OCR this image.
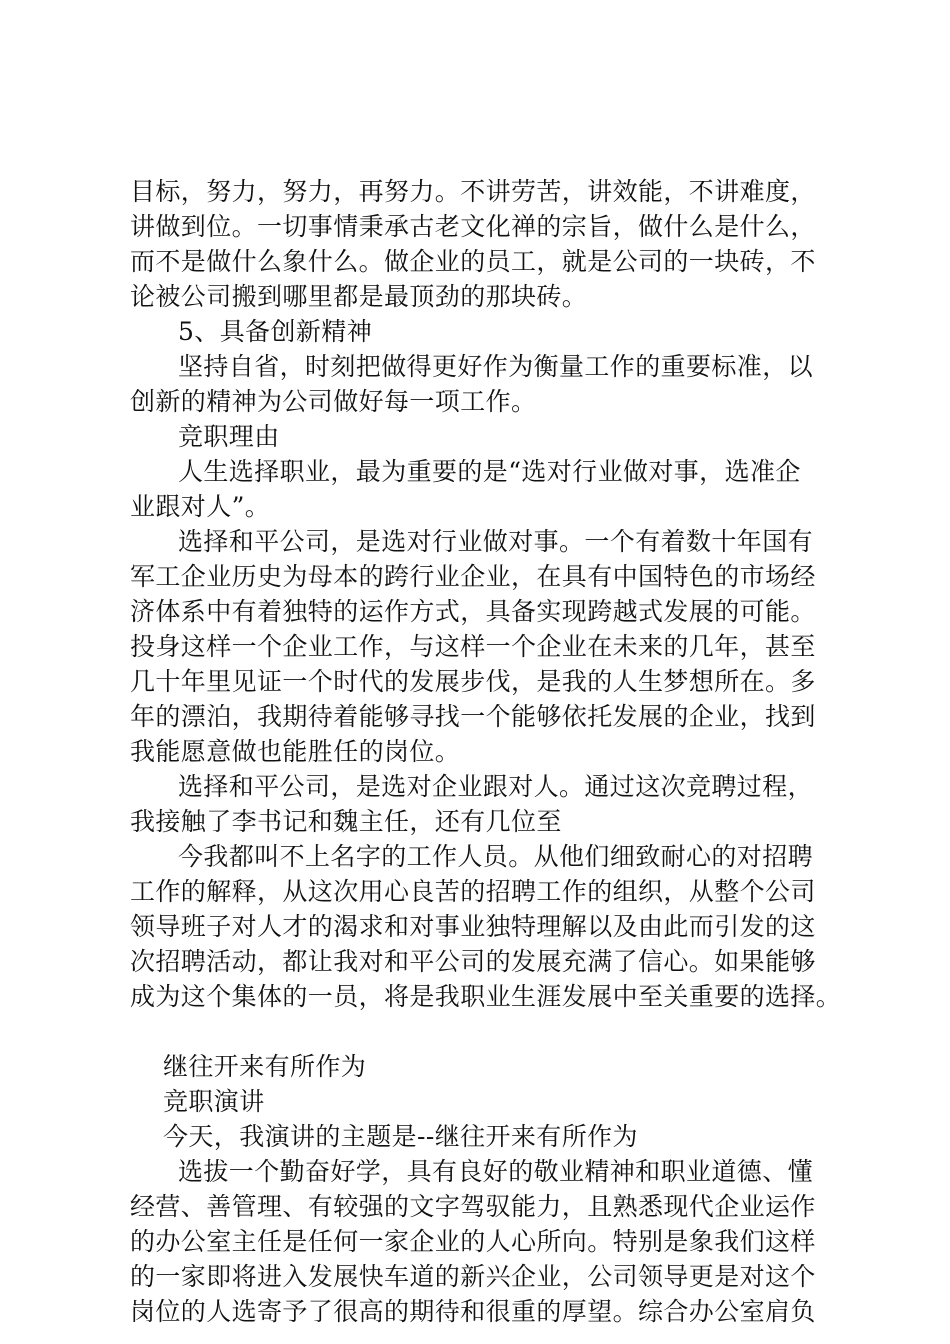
目标，努力，努力，再努力。不讲劳苦，讲效能，不讲难度，
讲做到位。一切事情秉承古老文化禅的宗旨，做什么是什么，
而不是做什么象什么。做企业的员工，就是公司的一块砖，不
论被公司搬到哪里都是最顶劲的那块砖。
5、具备创新精神
坚持自省，时刻把做得更好作为衡量工作的重要标准，以
创新的精神为公司做好每一项工作。
竞职理由
人生选择职业，最为重要的是“选对行业做对事，选准企
业跟对人”。
选择和平公司，是选对行业做对事。一个有着数十年国有
军工企业历史为母本的跨行业企业，在具有中国特色的市场经
济体系中有着独特的运作方式，具备实现跨越式发展的可能。
投身这样一个企业工作，与这样一个企业在未来的几年，甚至
几十年里见证一个时代的发展步伐，是我的人生梦想所在。多
年的漂泊，我期待着能够寻找一个能够依托发展的企业，找到
我能愿意做也能胜任的岗位。
选择和平公司，是选对企业跟对人。通过这次竞聘过程，
我接触了李书记和魏主任，还有几位至
今我都叫不上名字的工作人员。从他们细致耐心的对招聘
工作的解释，从这次用心良苦的招聘工作的组织，从整个公司
领导班子对人才的渴求和对事业独特理解以及由此而引发的这
次招聘活动，都让我对和平公司的发展充满了信心。如果能够
成为这个集体的一员，将是我职业生涯发展中至关重要的选择。
继往开来有所作为
竞职演讲
今天，我演讲的主题是--继往开来有所作为
选拔一个勤奋好学，具有良好的敬业精神和职业道德、懂
经营、善管理、有较强的文字驾驭能力，且熟悉现代企业运作
的办公室主任是任何一家企业的人心所向。特别是象我们这样
的一家即将进入发展快车道的新兴企业，公司领导更是对这个
岗位的人选寄予了很高的期待和很重的厚望。综合办公室肩负
